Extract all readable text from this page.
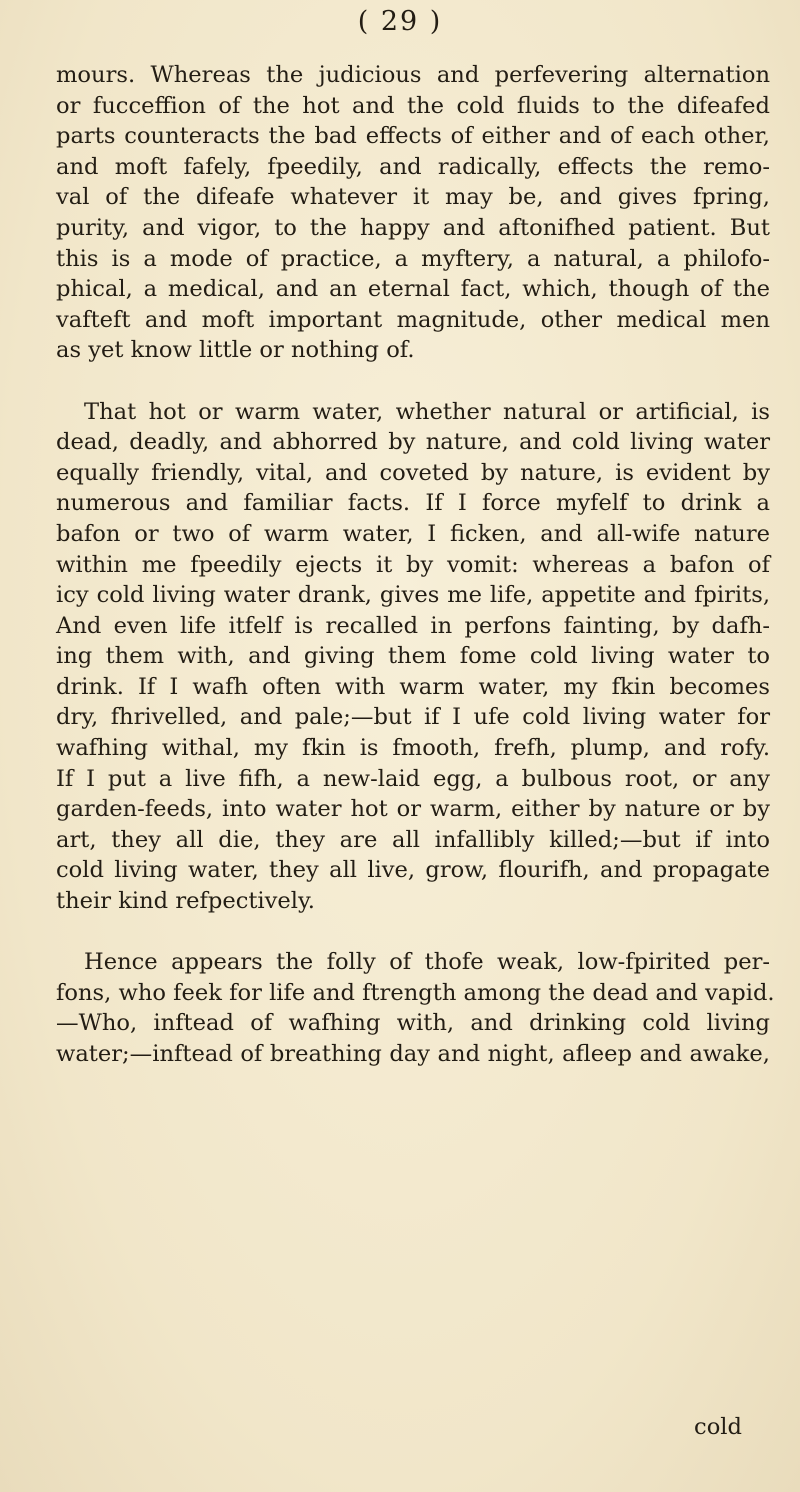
( 29 )
mours. Whereas the judicious and perfevering alternation
or fucceffion of the hot and the cold fluids to the difeafed
parts counteracts the bad effects of either and of each other,
and moft fafely, fpeedily, and radically, effects the remo-
val of the difeafe whatever it may be, and gives fpring,
purity, and vigor, to the happy and aftonifhed patient. But
this is a mode of practice, a myftery, a natural, a philofo-
phical, a medical, and an eternal fact, which, though of the
vafteft and moft important magnitude, other medical men
as yet know little or nothing of.
That hot or warm water, whether natural or artificial, is
dead, deadly, and abhorred by nature, and cold living water
equally friendly, vital, and coveted by nature, is evident by
numerous and familiar facts. If I force myfelf to drink a
bafon or two of warm water, I ficken, and all-wife nature
within me fpeedily ejects it by vomit: whereas a bafon of
icy cold living water drank, gives me life, appetite and fpirits,
And even life itfelf is recalled in perfons fainting, by dafh-
ing them with, and giving them fome cold living water to
drink. If I wafh often with warm water, my fkin becomes
dry, fhrivelled, and pale;—but if I ufe cold living water for
wafhing withal, my fkin is fmooth, frefh, plump, and rofy.
If I put a live fifh, a new-laid egg, a bulbous root, or any
garden-feeds, into water hot or warm, either by nature or by
art, they all die, they are all infallibly killed;—but if into
cold living water, they all live, grow, flourifh, and propagate
their kind refpectively.
Hence appears the folly of thofe weak, low-fpirited per-
fons, who feek for life and ftrength among the dead and vapid.
—Who, inftead of wafhing with, and drinking cold living
water;—inftead of breathing day and night, afleep and awake,
cold
